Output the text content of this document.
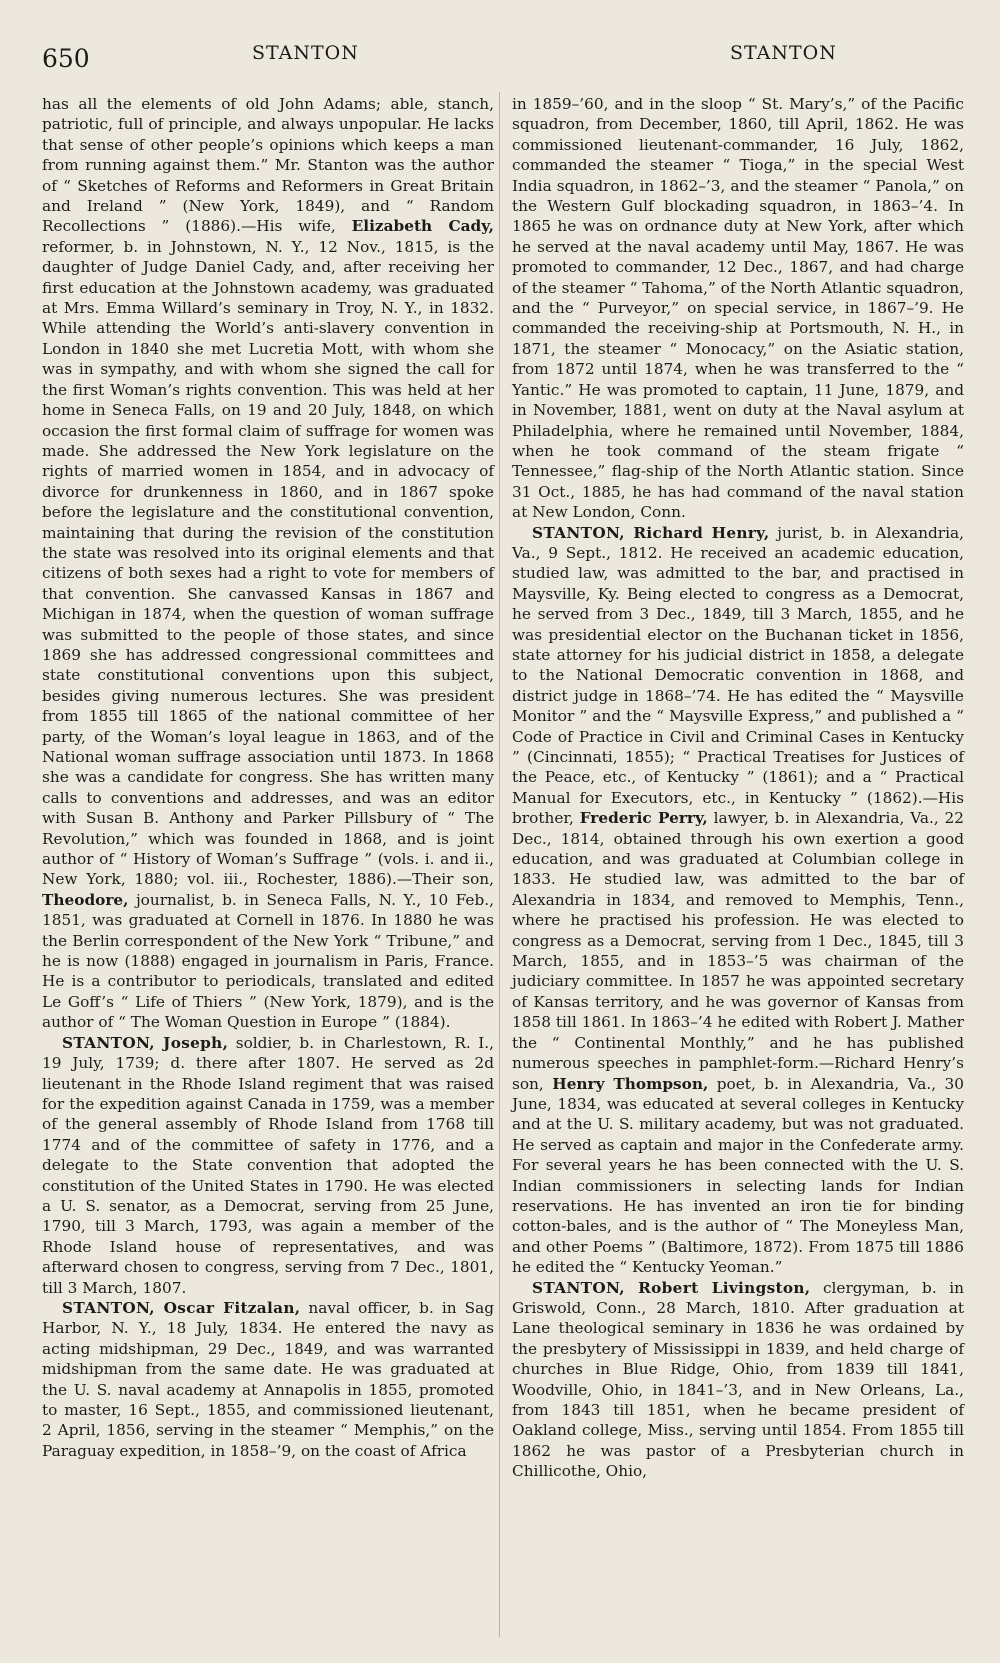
650	STANTON	STANTON

has all the elements of old John Adams; able, stanch, patriotic, full of principle, and always unpopular. He lacks that sense of other people’s opinions which keeps a man from running against them.” Mr. Stanton was the author of “ Sketches of Reforms and Reformers in Great Britain and Ireland ” (New York, 1849), and “ Random Recollections ” (1886).—His wife, Elizabeth Cady, reformer, b. in Johnstown, N. Y., 12 Nov., 1815, is the daughter of Judge Daniel Cady, and, after receiving her first education at the Johnstown academy, was graduated at Mrs. Emma Willard’s seminary in Troy, N. Y., in 1832. While attending the World’s anti-slavery convention in London in 1840 she met Lucretia Mott, with whom she was in sympathy, and with whom she signed the call for the first Woman’s rights convention. This was held at her home in Seneca Falls, on 19 and 20 July, 1848, on which occasion the first formal claim of suffrage for women was made. She addressed the New York legislature on the rights of married women in 1854, and in advocacy of divorce for drunkenness in 1860, and in 1867 spoke before the legislature and the constitutional convention, maintaining that during the revision of the constitution the state was resolved into its original elements and that citizens of both sexes had a right to vote for members of that convention. She canvassed Kansas in 1867 and Michigan in 1874, when the question of woman suffrage was submitted to the people of those states, and since 1869 she has addressed congressional committees and state constitutional conventions upon this subject, besides giving numerous lectures. She was president from 1855 till 1865 of the national committee of her party, of the Woman’s loyal league in 1863, and of the National woman suffrage association until 1873. In 1868 she was a candidate for congress. She has written many calls to conventions and addresses, and was an editor with Susan B. Anthony and Parker Pillsbury of “ The Revolution,” which was founded in 1868, and is joint author of “ History of Woman’s Suffrage ” (vols. i. and ii., New York, 1880; vol. iii., Rochester, 1886).—Their son, Theodore, journalist, b. in Seneca Falls, N. Y., 10 Feb., 1851, was graduated at Cornell in 1876. In 1880 he was the Berlin correspondent of the New York “ Tribune,” and he is now (1888) engaged in journalism in Paris, France. He is a contributor to periodicals, translated and edited Le Goff’s “ Life of Thiers ” (New York, 1879), and is the author of “ The Woman Question in Europe ” (1884).

STANTON, Joseph, soldier, b. in Charlestown, R. I., 19 July, 1739; d. there after 1807. He served as 2d lieutenant in the Rhode Island regiment that was raised for the expedition against Canada in 1759, was a member of the general assembly of Rhode Island from 1768 till 1774 and of the committee of safety in 1776, and a delegate to the State convention that adopted the constitution of the United States in 1790. He was elected a U. S. senator, as a Democrat, serving from 25 June, 1790, till 3 March, 1793, was again a member of the Rhode Island house of representatives, and was afterward chosen to congress, serving from 7 Dec., 1801, till 3 March, 1807.

STANTON, Oscar Fitzalan, naval officer, b. in Sag Harbor, N. Y., 18 July, 1834. He entered the navy as acting midshipman, 29 Dec., 1849, and was warranted midshipman from the same date. He was graduated at the U. S. naval academy at Annapolis in 1855, promoted to master, 16 Sept., 1855, and commissioned lieutenant, 2 April, 1856, serving in the steamer “ Memphis,” on the Paraguay expedition, in 1858–’9, on the coast of Africa

in 1859–’60, and in the sloop “ St. Mary’s,” of the Pacific squadron, from December, 1860, till April, 1862. He was commissioned lieutenant-commander, 16 July, 1862, commanded the steamer “ Tioga,” in the special West India squadron, in 1862–’3, and the steamer “ Panola,” on the Western Gulf blockading squadron, in 1863–’4. In 1865 he was on ordnance duty at New York, after which he served at the naval academy until May, 1867. He was promoted to commander, 12 Dec., 1867, and had charge of the steamer “ Tahoma,” of the North Atlantic squadron, and the “ Purveyor,” on special service, in 1867–’9. He commanded the receiving-ship at Portsmouth, N. H., in 1871, the steamer “ Monocacy,” on the Asiatic station, from 1872 until 1874, when he was transferred to the “ Yantic.” He was promoted to captain, 11 June, 1879, and in November, 1881, went on duty at the Naval asylum at Philadelphia, where he remained until November, 1884, when he took command of the steam frigate “ Tennessee,” flag-ship of the North Atlantic station. Since 31 Oct., 1885, he has had command of the naval station at New London, Conn.

STANTON, Richard Henry, jurist, b. in Alexandria, Va., 9 Sept., 1812. He received an academic education, studied law, was admitted to the bar, and practised in Maysville, Ky. Being elected to congress as a Democrat, he served from 3 Dec., 1849, till 3 March, 1855, and he was presidential elector on the Buchanan ticket in 1856, state attorney for his judicial district in 1858, a delegate to the National Democratic convention in 1868, and district judge in 1868–’74. He has edited the “ Maysville Monitor ” and the “ Maysville Express,” and published a “ Code of Practice in Civil and Criminal Cases in Kentucky ” (Cincinnati, 1855); “ Practical Treatises for Justices of the Peace, etc., of Kentucky ” (1861); and a “ Practical Manual for Executors, etc., in Kentucky ” (1862).—His brother, Frederic Perry, lawyer, b. in Alexandria, Va., 22 Dec., 1814, obtained through his own exertion a good education, and was graduated at Columbian college in 1833. He studied law, was admitted to the bar of Alexandria in 1834, and removed to Memphis, Tenn., where he practised his profession. He was elected to congress as a Democrat, serving from 1 Dec., 1845, till 3 March, 1855, and in 1853–’5 was chairman of the judiciary committee. In 1857 he was appointed secretary of Kansas territory, and he was governor of Kansas from 1858 till 1861. In 1863–’4 he edited with Robert J. Mather the “ Continental Monthly,” and he has published numerous speeches in pamphlet-form.—Richard Henry’s son, Henry Thompson, poet, b. in Alexandria, Va., 30 June, 1834, was educated at several colleges in Kentucky and at the U. S. military academy, but was not graduated. He served as captain and major in the Confederate army. For several years he has been connected with the U. S. Indian commissioners in selecting lands for Indian reservations. He has invented an iron tie for binding cotton-bales, and is the author of “ The Moneyless Man, and other Poems ” (Baltimore, 1872). From 1875 till 1886 he edited the “ Kentucky Yeoman.”

STANTON, Robert Livingston, clergyman, b. in Griswold, Conn., 28 March, 1810. After graduation at Lane theological seminary in 1836 he was ordained by the presbytery of Mississippi in 1839, and held charge of churches in Blue Ridge, Ohio, from 1839 till 1841, Woodville, Ohio, in 1841–’3, and in New Orleans, La., from 1843 till 1851, when he became president of Oakland college, Miss., serving until 1854. From 1855 till 1862 he was pastor of a Presbyterian church in Chillicothe, Ohio,
